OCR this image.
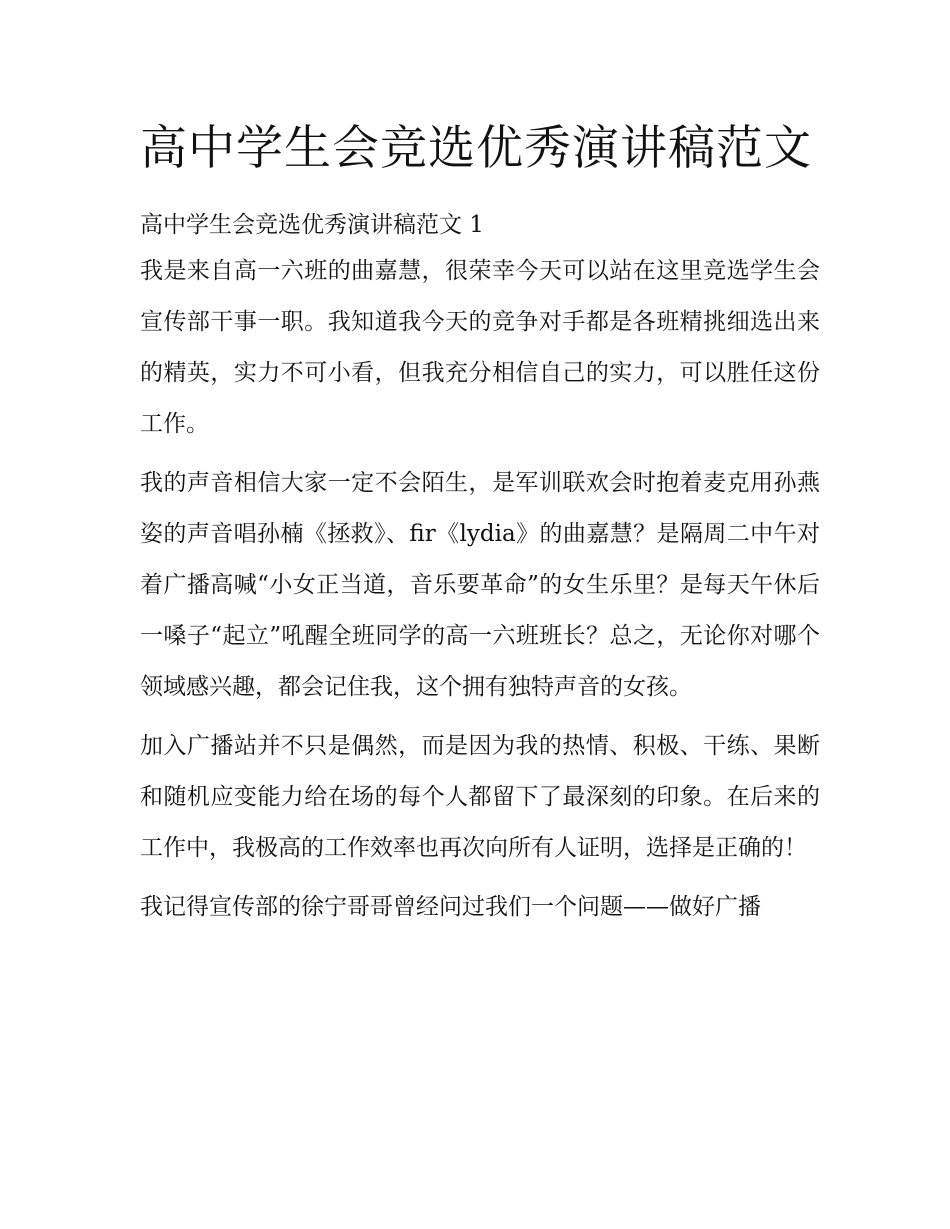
高中学生会竞选优秀演讲稿范文
高中学生会竞选优秀演讲稿范文 1

我是来自高一六班的曲嘉慧，很荣幸今天可以站在这里竞选学生会宣传部干事一职。我知道我今天的竞争对手都是各班精挑细选出来的精英，实力不可小看，但我充分相信自己的实力，可以胜任这份工作。

我的声音相信大家一定不会陌生，是军训联欢会时抱着麦克用孙燕姿的声音唱孙楠《拯救》、fir《lydia》的曲嘉慧？是隔周二中午对着广播高喊“小女正当道，音乐要革命”的女生乐里？是每天午休后一嗓子“起立”吼醒全班同学的高一六班班长？总之，无论你对哪个领域感兴趣，都会记住我，这个拥有独特声音的女孩。

加入广播站并不只是偶然，而是因为我的热情、积极、干练、果断和随机应变能力给在场的每个人都留下了最深刻的印象。在后来的工作中，我极高的工作效率也再次向所有人证明，选择是正确的！

我记得宣传部的徐宁哥哥曾经问过我们一个问题——做好广播
